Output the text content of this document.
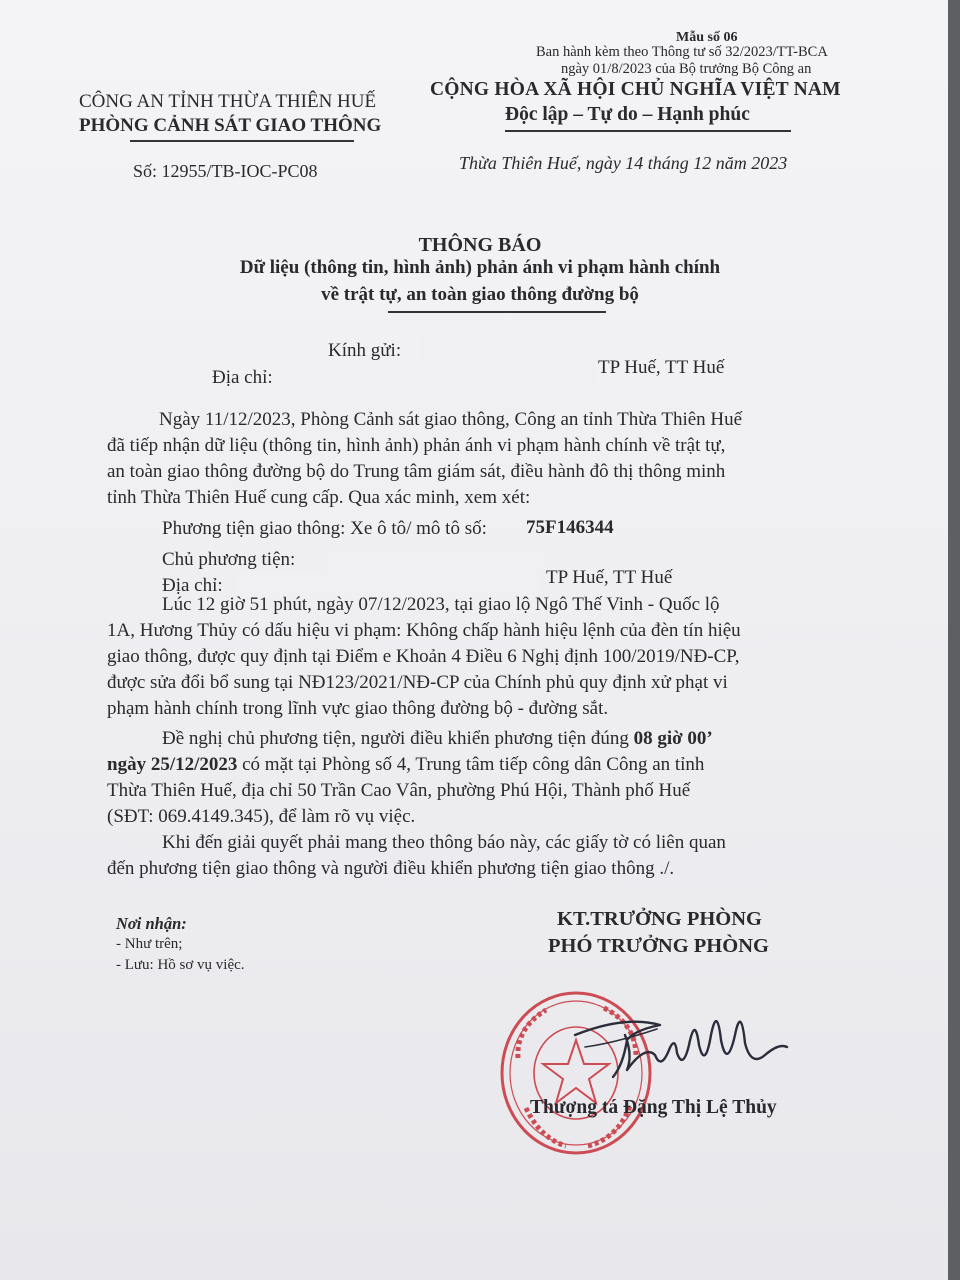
Mẫu số 06
Ban hành kèm theo Thông tư số 32/2023/TT-BCA
ngày 01/8/2023 của Bộ trưởng Bộ Công an
CÔNG AN TỈNH THỪA THIÊN HUẾ
PHÒNG CẢNH SÁT GIAO THÔNG
CỘNG HÒA XÃ HỘI CHỦ NGHĨA VIỆT NAM
Độc lập – Tự do – Hạnh phúc
Số: 12955/TB-IOC-PC08	Thừa Thiên Huế, ngày 14 tháng 12 năm 2023
THÔNG BÁO
Dữ liệu (thông tin, hình ảnh) phản ánh vi phạm hành chính
về trật tự, an toàn giao thông đường bộ
Kính gửi:
Địa chỉ:	TP Huế, TT Huế
Ngày 11/12/2023, Phòng Cảnh sát giao thông, Công an tỉnh Thừa Thiên Huế
đã tiếp nhận dữ liệu (thông tin, hình ảnh) phản ánh vi phạm hành chính về trật tự,
an toàn giao thông đường bộ do Trung tâm giám sát, điều hành đô thị thông minh
tỉnh Thừa Thiên Huế cung cấp. Qua xác minh, xem xét:
Phương tiện giao thông: Xe ô tô/ mô tô số: 75F146344
Chủ phương tiện:
Địa chỉ:	TP Huế, TT Huế
Lúc 12 giờ 51 phút, ngày 07/12/2023, tại giao lộ Ngô Thế Vinh - Quốc lộ
1A, Hương Thủy có dấu hiệu vi phạm: Không chấp hành hiệu lệnh của đèn tín hiệu
giao thông, được quy định tại Điểm e Khoản 4 Điều 6 Nghị định 100/2019/NĐ-CP,
được sửa đổi bổ sung tại NĐ123/2021/NĐ-CP của Chính phủ quy định xử phạt vi
phạm hành chính trong lĩnh vực giao thông đường bộ - đường sắt.
Đề nghị chủ phương tiện, người điều khiển phương tiện đúng 08 giờ 00’
ngày 25/12/2023 có mặt tại Phòng số 4, Trung tâm tiếp công dân Công an tỉnh
Thừa Thiên Huế, địa chỉ 50 Trần Cao Vân, phường Phú Hội, Thành phố Huế
(SĐT: 069.4149.345), để làm rõ vụ việc.
Khi đến giải quyết phải mang theo thông báo này, các giấy tờ có liên quan
đến phương tiện giao thông và người điều khiển phương tiện giao thông ./.
Nơi nhận:
- Như trên;
- Lưu: Hồ sơ vụ việc.
KT.TRƯỞNG PHÒNG
PHÓ TRƯỞNG PHÒNG
Thượng tá Đặng Thị Lệ Thủy
